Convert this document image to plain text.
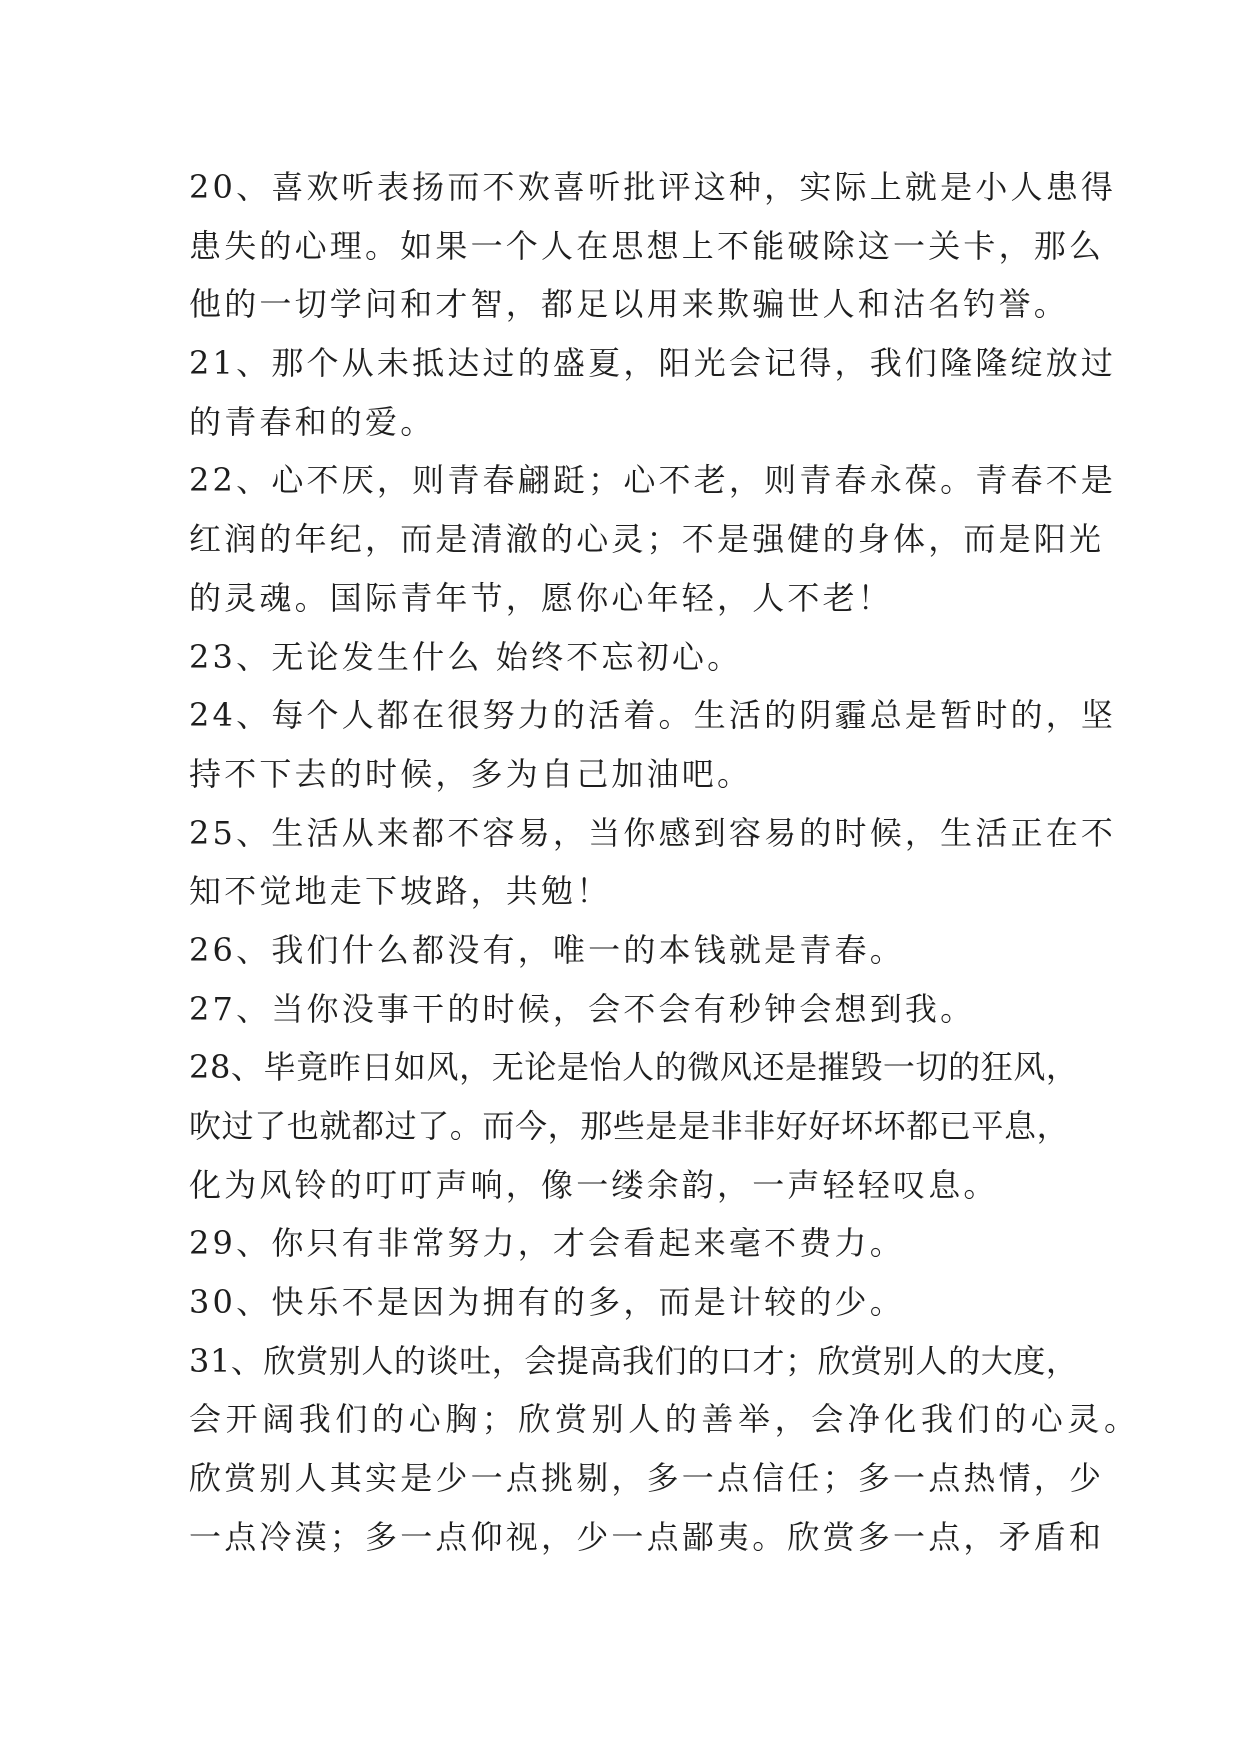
20、喜欢听表扬而不欢喜听批评这种，实际上就是小人患得
患失的心理。如果一个人在思想上不能破除这一关卡，那么
他的一切学问和才智，都足以用来欺骗世人和沽名钓誉。
21、那个从未抵达过的盛夏，阳光会记得，我们隆隆绽放过
的青春和的爱。
22、心不厌，则青春翩跹；心不老，则青春永葆。青春不是
红润的年纪，而是清澈的心灵；不是强健的身体，而是阳光
的灵魂。国际青年节，愿你心年轻，人不老！
23、无论发生什么 始终不忘初心。
24、每个人都在很努力的活着。生活的阴霾总是暂时的，坚
持不下去的时候，多为自己加油吧。
25、生活从来都不容易，当你感到容易的时候，生活正在不
知不觉地走下坡路，共勉！
26、我们什么都没有，唯一的本钱就是青春。
27、当你没事干的时候，会不会有秒钟会想到我。
28、毕竟昨日如风，无论是怡人的微风还是摧毁一切的狂风，
吹过了也就都过了。而今，那些是是非非好好坏坏都已平息，
化为风铃的叮叮声响，像一缕余韵，一声轻轻叹息。
29、你只有非常努力，才会看起来毫不费力。
30、快乐不是因为拥有的多，而是计较的少。
31、欣赏别人的谈吐，会提高我们的口才；欣赏别人的大度，
会开阔我们的心胸；欣赏别人的善举，会净化我们的心灵。
欣赏别人其实是少一点挑剔，多一点信任；多一点热情，少
一点冷漠；多一点仰视，少一点鄙夷。欣赏多一点，矛盾和
